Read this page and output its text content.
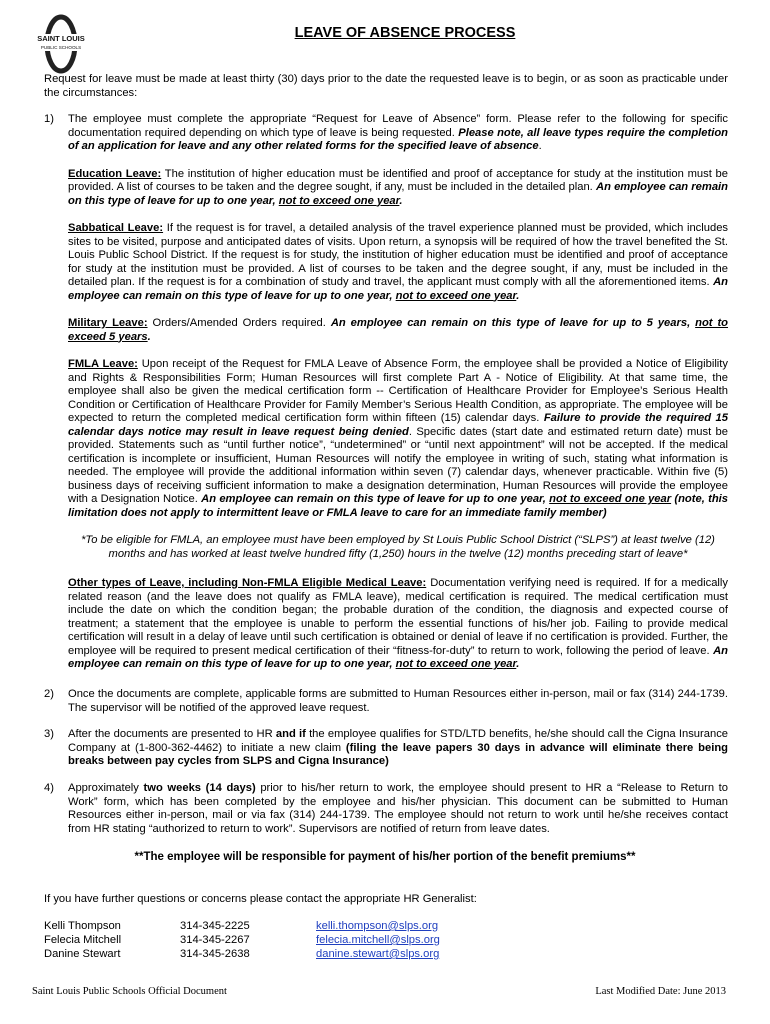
SAINT LOUIS
PUBLIC SCHOOLS
LEAVE OF ABSENCE PROCESS
Request for leave must be made at least thirty (30) days prior to the date the requested leave is to begin, or as soon as practicable under the circumstances:
1) The employee must complete the appropriate “Request for Leave of Absence” form. Please refer to the following for specific documentation required depending on which type of leave is being requested. Please note, all leave types require the completion of an application for leave and any other related forms for the specified leave of absence.
Education Leave: The institution of higher education must be identified and proof of acceptance for study at the institution must be provided. A list of courses to be taken and the degree sought, if any, must be included in the detailed plan. An employee can remain on this type of leave for up to one year, not to exceed one year.
Sabbatical Leave: If the request is for travel, a detailed analysis of the travel experience planned must be provided, which includes sites to be visited, purpose and anticipated dates of visits. Upon return, a synopsis will be required of how the travel benefited the St. Louis Public School District. If the request is for study, the institution of higher education must be identified and proof of acceptance for study at the institution must be provided. A list of courses to be taken and the degree sought, if any, must be included in the detailed plan. If the request is for a combination of study and travel, the applicant must comply with all the aforementioned items. An employee can remain on this type of leave for up to one year, not to exceed one year.
Military Leave: Orders/Amended Orders required. An employee can remain on this type of leave for up to 5 years, not to exceed 5 years.
FMLA Leave: Upon receipt of the Request for FMLA Leave of Absence Form, the employee shall be provided a Notice of Eligibility and Rights & Responsibilities Form; Human Resources will first complete Part A - Notice of Eligibility. At that same time, the employee shall also be given the medical certification form -- Certification of Healthcare Provider for Employee’s Serious Health Condition or Certification of Healthcare Provider for Family Member’s Serious Health Condition, as appropriate. The employee will be expected to return the completed medical certification form within fifteen (15) calendar days. Failure to provide the required 15 calendar days notice may result in leave request being denied. Specific dates (start date and estimated return date) must be provided. Statements such as “until further notice”, “undetermined” or “until next appointment” will not be accepted. If the medical certification is incomplete or insufficient, Human Resources will notify the employee in writing of such, stating what information is needed. The employee will provide the additional information within seven (7) calendar days, whenever practicable. Within five (5) business days of receiving sufficient information to make a designation determination, Human Resources will provide the employee with a Designation Notice. An employee can remain on this type of leave for up to one year, not to exceed one year (note, this limitation does not apply to intermittent leave or FMLA leave to care for an immediate family member)
*To be eligible for FMLA, an employee must have been employed by St Louis Public School District (“SLPS”) at least twelve (12) months and has worked at least twelve hundred fifty (1,250) hours in the twelve (12) months preceding start of leave*
Other types of Leave, including Non-FMLA Eligible Medical Leave: Documentation verifying need is required. If for a medically related reason (and the leave does not qualify as FMLA leave), medical certification is required. The medical certification must include the date on which the condition began; the probable duration of the condition, the diagnosis and expected course of treatment; a statement that the employee is unable to perform the essential functions of his/her job. Failing to provide medical certification will result in a delay of leave until such certification is obtained or denial of leave if no certification is provided. Further, the employee will be required to present medical certification of their “fitness-for-duty” to return to work, following the period of leave. An employee can remain on this type of leave for up to one year, not to exceed one year.
2) Once the documents are complete, applicable forms are submitted to Human Resources either in-person, mail or fax (314) 244-1739. The supervisor will be notified of the approved leave request.
3) After the documents are presented to HR and if the employee qualifies for STD/LTD benefits, he/she should call the Cigna Insurance Company at (1-800-362-4462) to initiate a new claim (filing the leave papers 30 days in advance will eliminate there being breaks between pay cycles from SLPS and Cigna Insurance)
4) Approximately two weeks (14 days) prior to his/her return to work, the employee should present to HR a “Release to Return to Work” form, which has been completed by the employee and his/her physician. This document can be submitted to Human Resources either in-person, mail or via fax (314) 244-1739. The employee should not return to work until he/she receives contact from HR stating “authorized to return to work”. Supervisors are notified of return from leave dates.
**The employee will be responsible for payment of his/her portion of the benefit premiums**
If you have further questions or concerns please contact the appropriate HR Generalist:
Kelli Thompson	314-345-2225	kelli.thompson@slps.org
Felecia Mitchell	314-345-2267	felecia.mitchell@slps.org
Danine Stewart	314-345-2638	danine.stewart@slps.org
Saint Louis Public Schools Official Document	Last Modified Date: June 2013
